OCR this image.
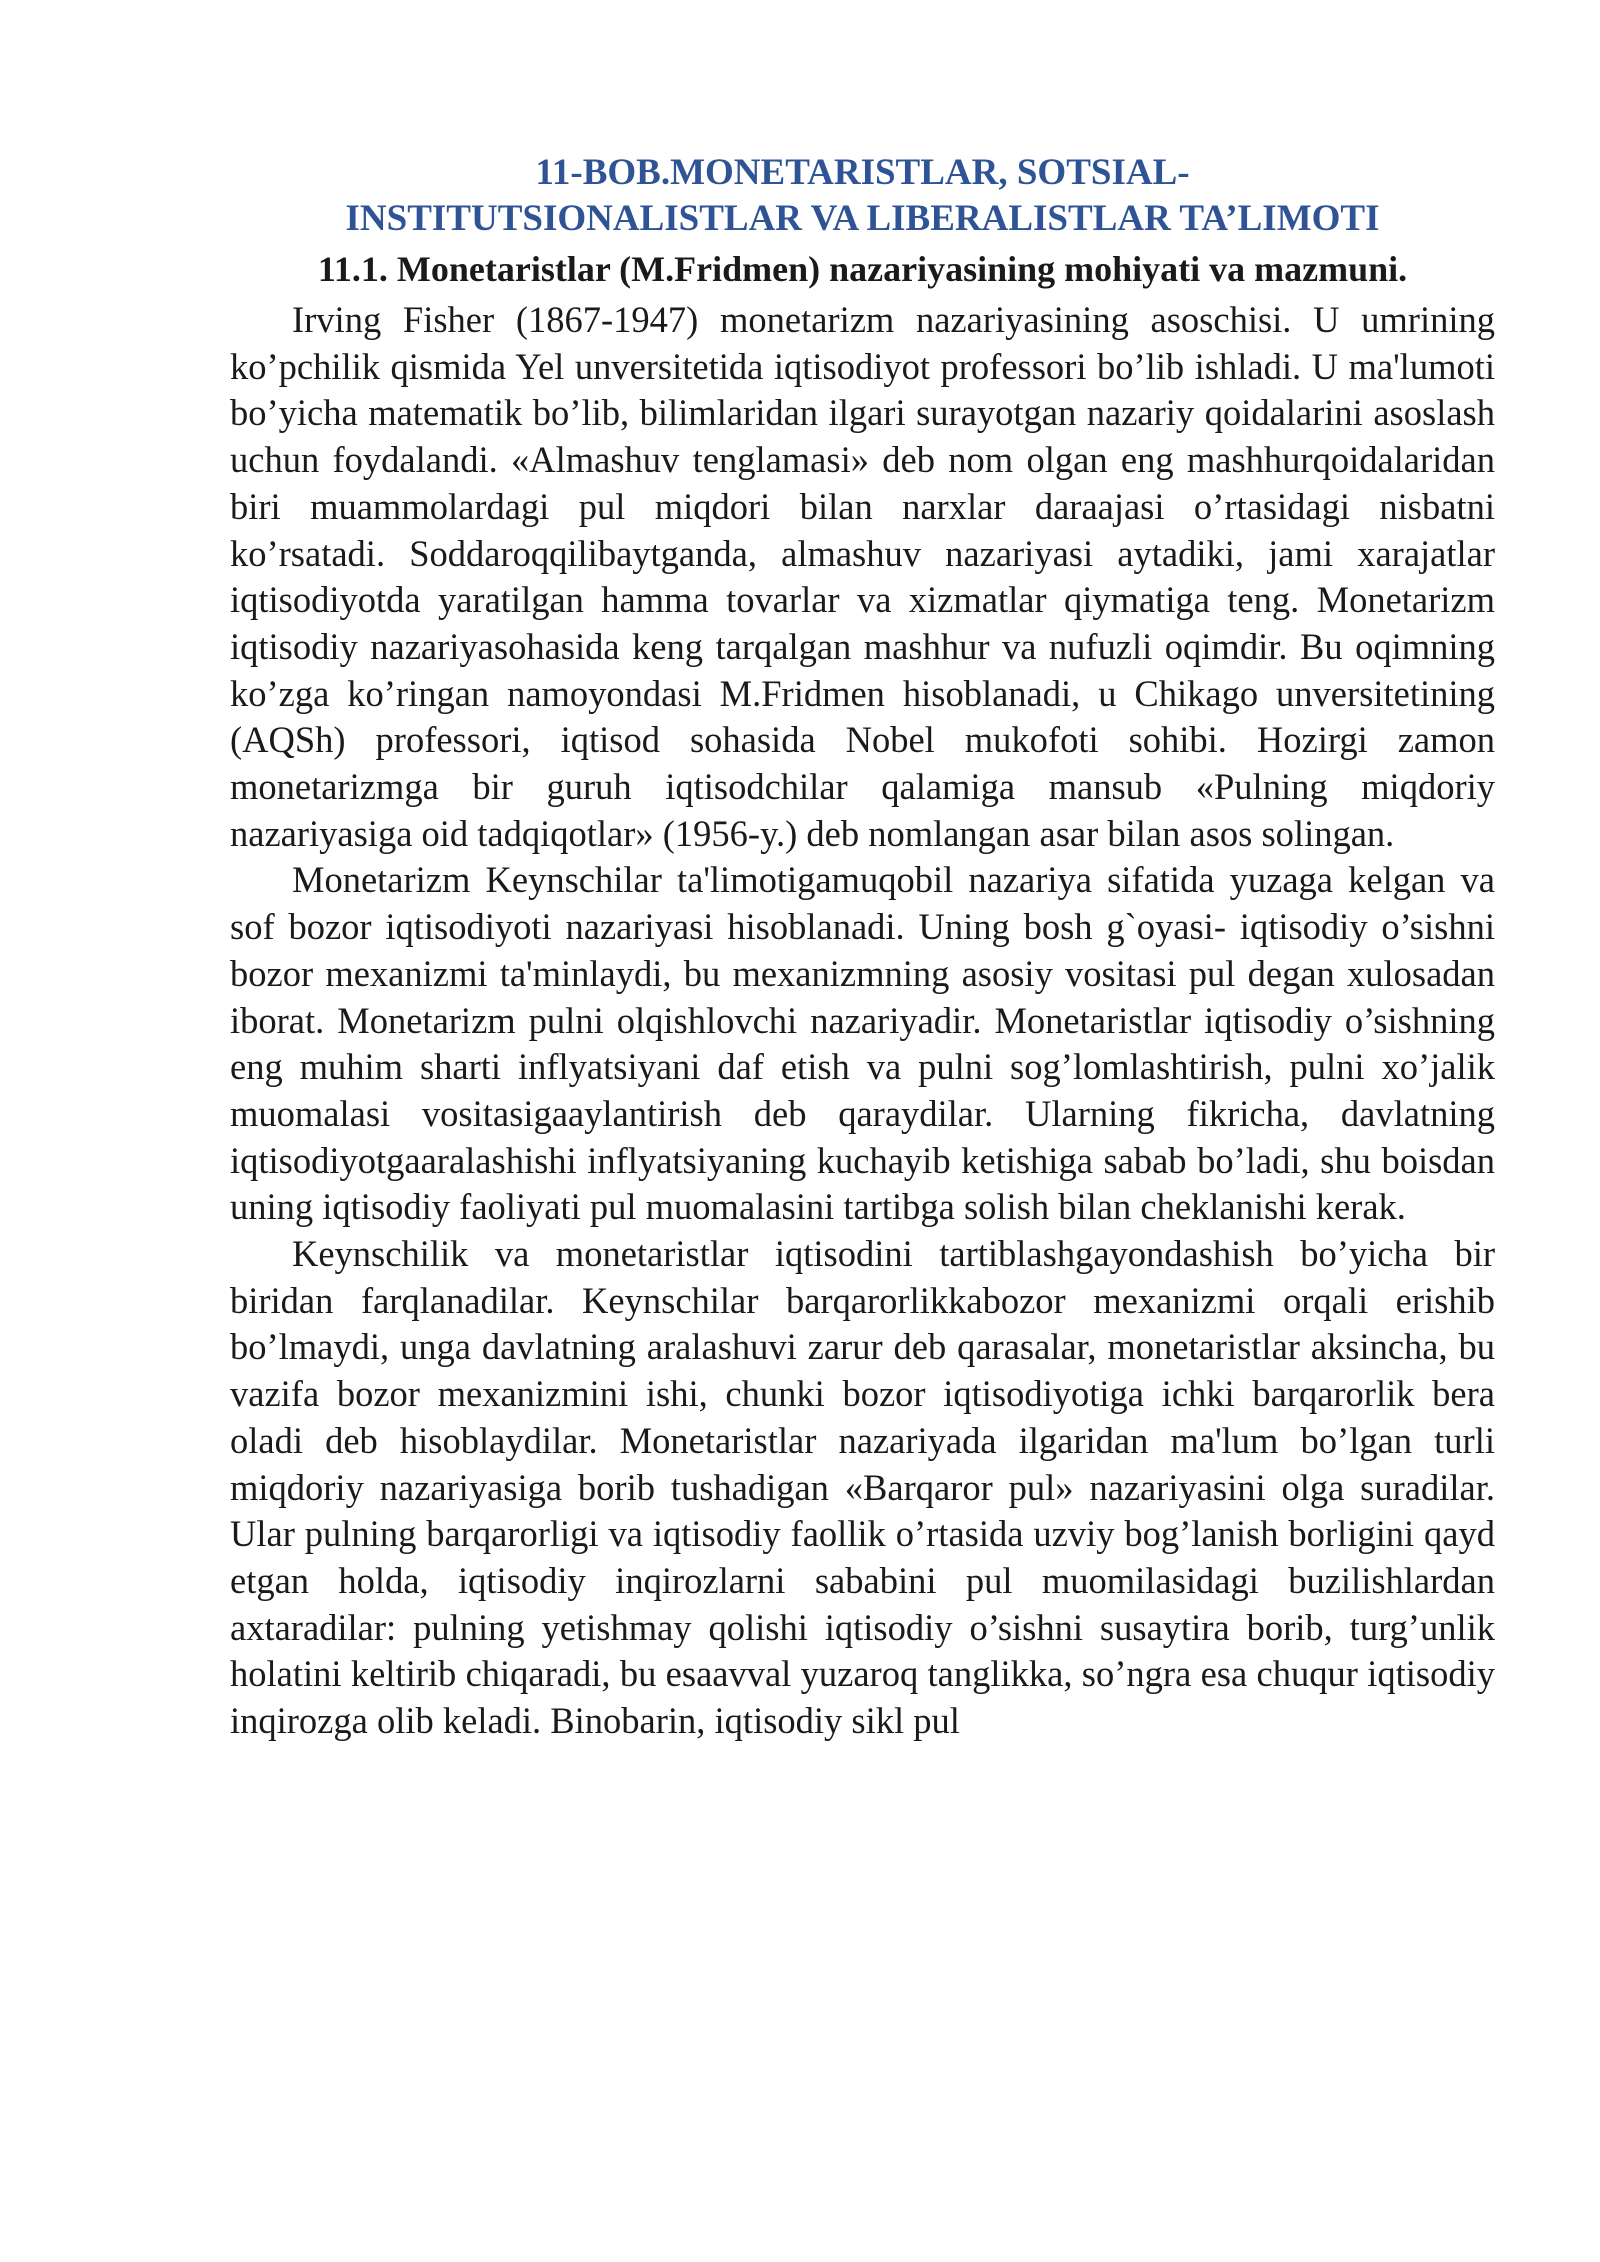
11-BOB.MONETARISTLAR, SOTSIAL-
INSTITUTSIONALISTLAR VA LIBERALISTLAR TA’LIMOTI
11.1. Monetaristlar (M.Fridmen) nazariyasining mohiyati va mazmuni.

Irving Fisher (1867-1947) monetarizm nazariyasining asoschisi. U umrining ko’pchilik qismida Yel unversitetida iqtisodiyot professori bo’lib ishladi. U ma'lumoti bo’yicha matematik bo’lib, bilimlaridan ilgari surayotgan nazariy qoidalarini asoslash uchun foydalandi. «Almashuv tenglamasi» deb nom olgan eng mashhurqoidalaridan biri muammolardagi pul miqdori bilan narxlar daraajasi o’rtasidagi nisbatni ko’rsatadi. Soddaroqqilibaytganda, almashuv nazariyasi aytadiki, jami xarajatlar iqtisodiyotda yaratilgan hamma tovarlar va xizmatlar qiymatiga teng. Monetarizm iqtisodiy nazariyasohasida keng tarqalgan mashhur va nufuzli oqimdir. Bu oqimning ko’zga ko’ringan namoyondasi M.Fridmen hisoblanadi, u Chikago unversitetining (AQSh) professori, iqtisod sohasida Nobel mukofoti sohibi. Hozirgi zamon monetarizmga bir guruh iqtisodchilar qalamiga mansub «Pulning miqdoriy nazariyasiga oid tadqiqotlar» (1956-y.) deb nomlangan asar bilan asos solingan.

Monetarizm Keynschilar ta'limotigamuqobil nazariya sifatida yuzaga kelgan va sof bozor iqtisodiyoti nazariyasi hisoblanadi. Uning bosh g`oyasi- iqtisodiy o’sishni bozor mexanizmi ta'minlaydi, bu mexanizmning asosiy vositasi pul degan xulosadan iborat. Monetarizm pulni olqishlovchi nazariyadir. Monetaristlar iqtisodiy o’sishning eng muhim sharti inflyatsiyani daf etish va pulni sog’lomlashtirish, pulni xo’jalik muomalasi vositasigaaylantirish deb qaraydilar. Ularning fikricha, davlatning iqtisodiyotgaaralashishi inflyatsiyaning kuchayib ketishiga sabab bo’ladi, shu boisdan uning iqtisodiy faoliyati pul muomalasini tartibga solish bilan cheklanishi kerak.

Keynschilik va monetaristlar iqtisodini tartiblashgayondashish bo’yicha bir biridan farqlanadilar. Keynschilar barqarorlikkabozor mexanizmi orqali erishib bo’lmaydi, unga davlatning aralashuvi zarur deb qarasalar, monetaristlar aksincha, bu vazifa bozor mexanizmini ishi, chunki bozor iqtisodiyotiga ichki barqarorlik bera oladi deb hisoblaydilar. Monetaristlar nazariyada ilgaridan ma'lum bo’lgan turli miqdoriy nazariyasiga borib tushadigan «Barqaror pul» nazariyasini olga suradilar. Ular pulning barqarorligi va iqtisodiy faollik o’rtasida uzviy bog’lanish borligini qayd etgan holda, iqtisodiy inqirozlarni sababini pul muomilasidagi buzilishlardan axtaradilar: pulning yetishmay qolishi iqtisodiy o’sishni susaytira borib, turg’unlik holatini keltirib chiqaradi, bu esaavval yuzaroq tanglikka, so’ngra esa chuqur iqtisodiy inqirozga olib keladi. Binobarin, iqtisodiy sikl pul
